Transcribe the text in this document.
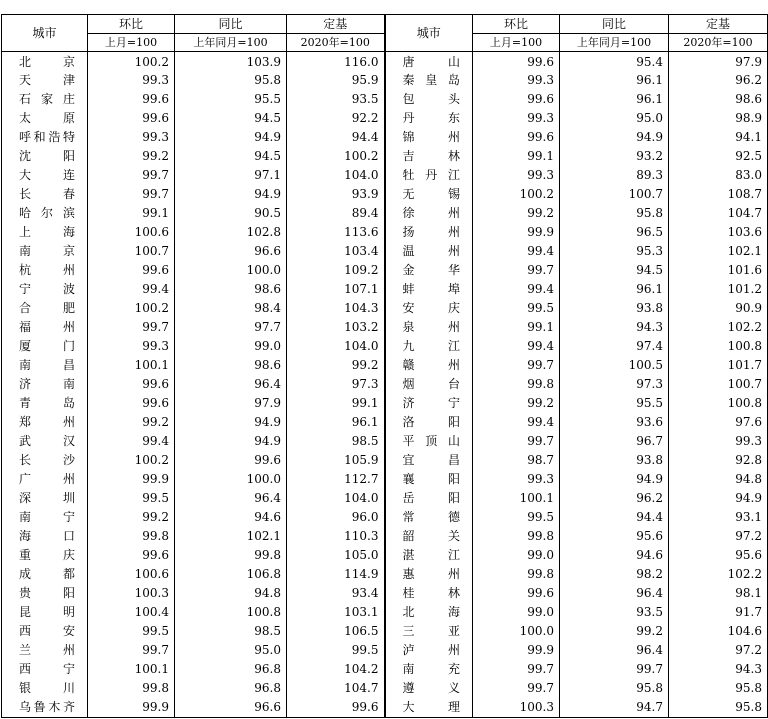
城市	环比	同比	定基	城市	环比	同比	定基
	上月=100	上年同月=100	2020年=100		上月=100	上年同月=100	2020年=100
北京	100.2	103.9	116.0	唐山	99.6	95.4	97.9
天津	99.3	95.8	95.9	秦皇岛	99.3	96.1	96.2
石家庄	99.6	95.5	93.5	包头	99.6	96.1	98.6
太原	99.6	94.5	92.2	丹东	99.3	95.0	98.9
呼和浩特	99.3	94.9	94.4	锦州	99.6	94.9	94.1
沈阳	99.2	94.5	100.2	吉林	99.1	93.2	92.5
大连	99.7	97.1	104.0	牡丹江	99.3	89.3	83.0
长春	99.7	94.9	93.9	无锡	100.2	100.7	108.7
哈尔滨	99.1	90.5	89.4	徐州	99.2	95.8	104.7
上海	100.6	102.8	113.6	扬州	99.9	96.5	103.6
南京	100.7	96.6	103.4	温州	99.4	95.3	102.1
杭州	99.6	100.0	109.2	金华	99.7	94.5	101.6
宁波	99.4	98.6	107.1	蚌埠	99.4	96.1	101.2
合肥	100.2	98.4	104.3	安庆	99.5	93.8	90.9
福州	99.7	97.7	103.2	泉州	99.1	94.3	102.2
厦门	99.3	99.0	104.0	九江	99.4	97.4	100.8
南昌	100.1	98.6	99.2	赣州	99.7	100.5	101.7
济南	99.6	96.4	97.3	烟台	99.8	97.3	100.7
青岛	99.6	97.9	99.1	济宁	99.2	95.5	100.8
郑州	99.2	94.9	96.1	洛阳	99.4	93.6	97.6
武汉	99.4	94.9	98.5	平顶山	99.7	96.7	99.3
长沙	100.2	99.6	105.9	宜昌	98.7	93.8	92.8
广州	99.9	100.0	112.7	襄阳	99.3	94.9	94.8
深圳	99.5	96.4	104.0	岳阳	100.1	96.2	94.9
南宁	99.2	94.6	96.0	常德	99.5	94.4	93.1
海口	99.8	102.1	110.3	韶关	99.8	95.6	97.2
重庆	99.6	99.8	105.0	湛江	99.0	94.6	95.6
成都	100.6	106.8	114.9	惠州	99.8	98.2	102.2
贵阳	100.3	94.8	93.4	桂林	99.6	96.4	98.1
昆明	100.4	100.8	103.1	北海	99.0	93.5	91.7
西安	99.5	98.5	106.5	三亚	100.0	99.2	104.6
兰州	99.7	95.0	99.5	泸州	99.9	96.4	97.2
西宁	100.1	96.8	104.2	南充	99.7	99.7	94.3
银川	99.8	96.8	104.7	遵义	99.7	95.8	95.8
乌鲁木齐	99.9	96.6	99.6	大理	100.3	94.7	95.8
